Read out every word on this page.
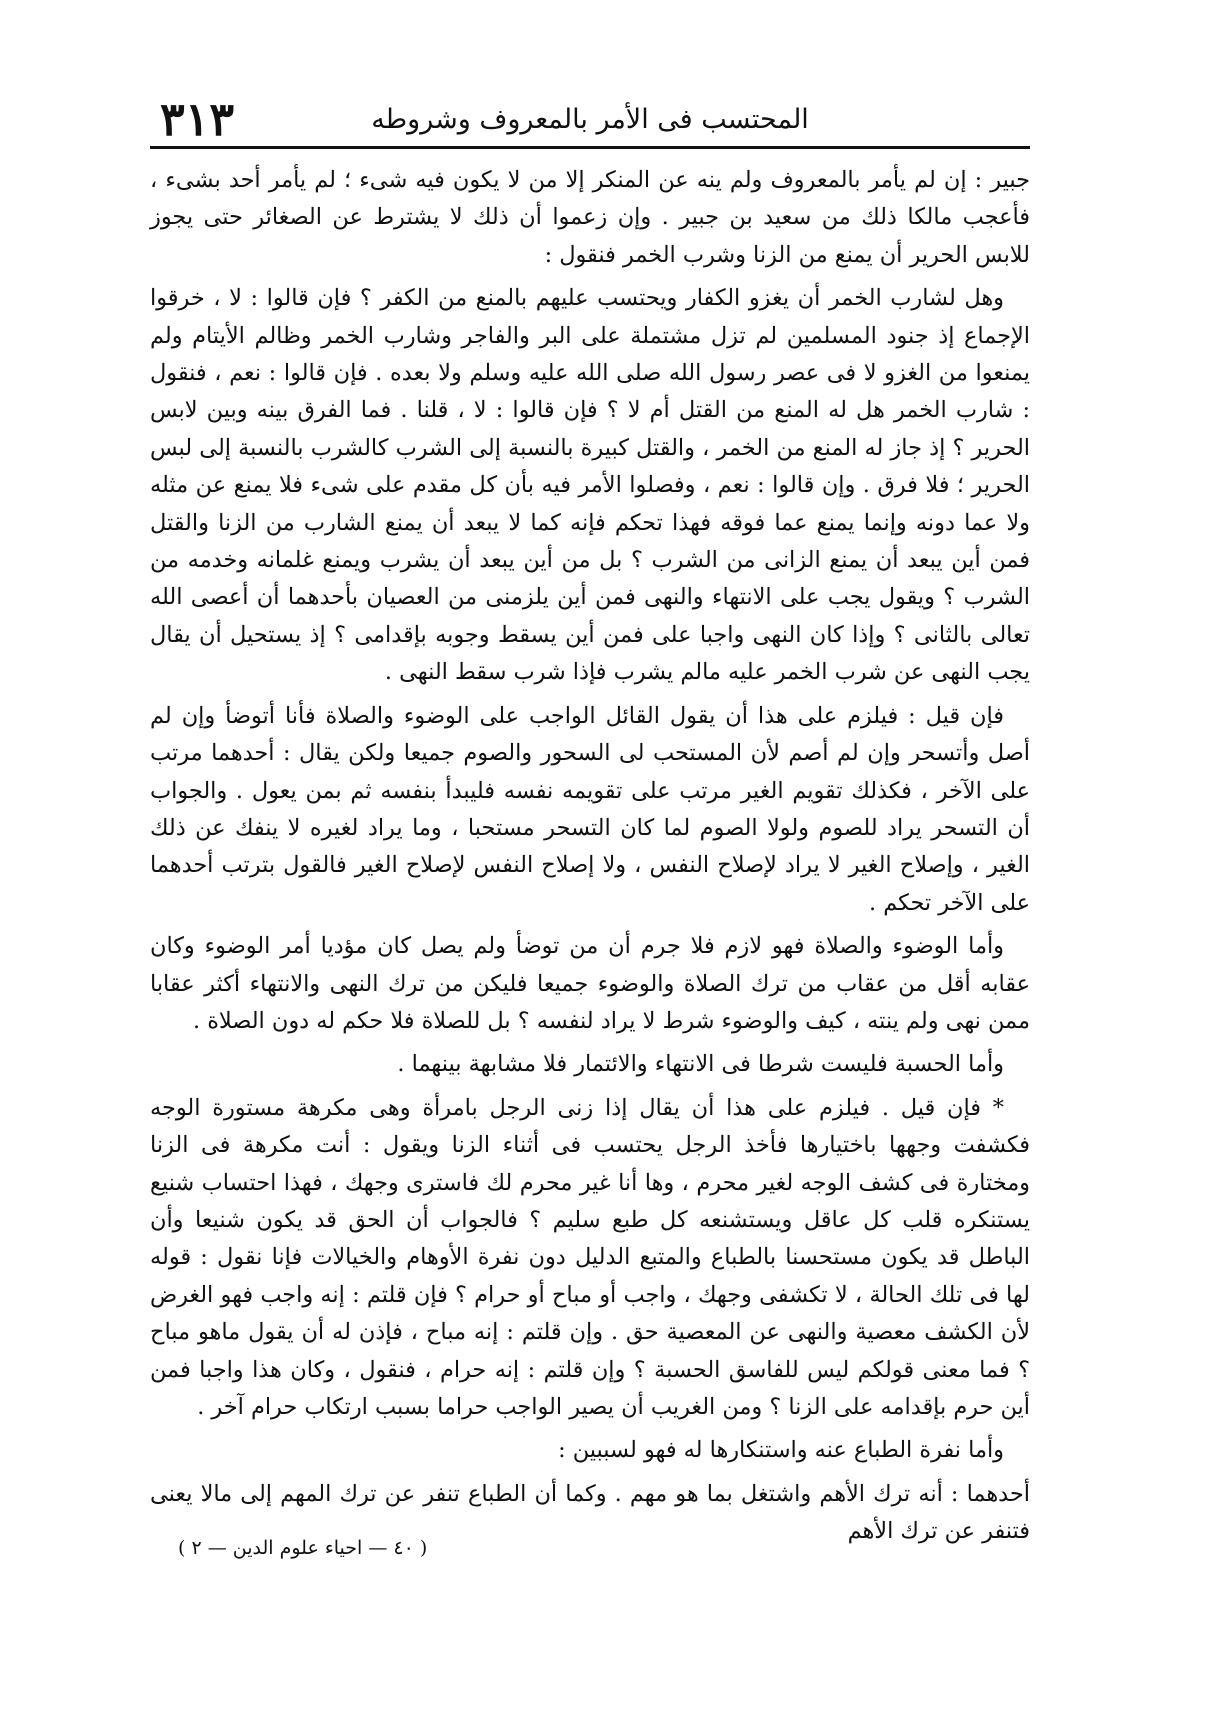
٣١٣	المحتسب فى الأمر بالمعروف وشروطه

جبير : إن لم يأمر بالمعروف ولم ينه عن المنكر إلا من لا يكون فيه شىء ؛ لم يأمر أحد بشىء ، فأعجب مالكا ذلك من سعيد بن جبير . وإن زعموا أن ذلك لا يشترط عن الصغائر حتى يجوز للابس الحرير أن يمنع من الزنا وشرب الخمر فنقول :

وهل لشارب الخمر أن يغزو الكفار ويحتسب عليهم بالمنع من الكفر ؟ فإن قالوا : لا ، خرقوا الإجماع إذ جنود المسلمين لم تزل مشتملة على البر والفاجر وشارب الخمر وظالم الأيتام ولم يمنعوا من الغزو لا فى عصر رسول الله صلى الله عليه وسلم ولا بعده . فإن قالوا : نعم ، فنقول : شارب الخمر هل له المنع من القتل أم لا ؟ فإن قالوا : لا ، قلنا . فما الفرق بينه وبين لابس الحرير ؟ إذ جاز له المنع من الخمر ، والقتل كبيرة بالنسبة إلى الشرب كالشرب بالنسبة إلى لبس الحرير ؛ فلا فرق . وإن قالوا : نعم ، وفصلوا الأمر فيه بأن كل مقدم على شىء فلا يمنع عن مثله ولا عما دونه وإنما يمنع عما فوقه فهذا تحكم فإنه كما لا يبعد أن يمنع الشارب من الزنا والقتل فمن أين يبعد أن يمنع الزانى من الشرب ؟ بل من أين يبعد أن يشرب ويمنع غلمانه وخدمه من الشرب ؟ ويقول يجب على الانتهاء والنهى فمن أين يلزمنى من العصيان بأحدهما أن أعصى الله تعالى بالثانى ؟ وإذا كان النهى واجبا على فمن أين يسقط وجوبه بإقدامى ؟ إذ يستحيل أن يقال يجب النهى عن شرب الخمر عليه مالم يشرب فإذا شرب سقط النهى .

فإن قيل : فيلزم على هذا أن يقول القائل الواجب على الوضوء والصلاة فأنا أتوضأ وإن لم أصل وأتسحر وإن لم أصم لأن المستحب لى السحور والصوم جميعا ولكن يقال : أحدهما مرتب على الآخر ، فكذلك تقويم الغير مرتب على تقويمه نفسه فليبدأ بنفسه ثم بمن يعول . والجواب أن التسحر يراد للصوم ولولا الصوم لما كان التسحر مستحبا ، وما يراد لغيره لا ينفك عن ذلك الغير ، وإصلاح الغير لا يراد لإصلاح النفس ، ولا إصلاح النفس لإصلاح الغير فالقول بترتب أحدهما على الآخر تحكم .

وأما الوضوء والصلاة فهو لازم فلا جرم أن من توضأ ولم يصل كان مؤديا أمر الوضوء وكان عقابه أقل من عقاب من ترك الصلاة والوضوء جميعا فليكن من ترك النهى والانتهاء أكثر عقابا ممن نهى ولم ينته ، كيف والوضوء شرط لا يراد لنفسه ؟ بل للصلاة فلا حكم له دون الصلاة .

وأما الحسبة فليست شرطا فى الانتهاء والائتمار فلا مشابهة بينهما .

* فإن قيل . فيلزم على هذا أن يقال إذا زنى الرجل بامرأة وهى مكرهة مستورة الوجه فكشفت وجهها باختيارها فأخذ الرجل يحتسب فى أثناء الزنا ويقول : أنت مكرهة فى الزنا ومختارة فى كشف الوجه لغير محرم ، وها أنا غير محرم لك فاسترى وجهك ، فهذا احتساب شنيع يستنكره قلب كل عاقل ويستشنعه كل طبع سليم ؟ فالجواب أن الحق قد يكون شنيعا وأن الباطل قد يكون مستحسنا بالطباع والمتبع الدليل دون نفرة الأوهام والخيالات فإنا نقول : قوله لها فى تلك الحالة ، لا تكشفى وجهك ، واجب أو مباح أو حرام ؟ فإن قلتم : إنه واجب فهو الغرض لأن الكشف معصية والنهى عن المعصية حق . وإن قلتم : إنه مباح ، فإذن له أن يقول ماهو مباح ؟ فما معنى قولكم ليس للفاسق الحسبة ؟ وإن قلتم : إنه حرام ، فنقول ، وكان هذا واجبا فمن أين حرم بإقدامه على الزنا ؟ ومن الغريب أن يصير الواجب حراما بسبب ارتكاب حرام آخر .

وأما نفرة الطباع عنه واستنكارها له فهو لسببين :

أحدهما : أنه ترك الأهم واشتغل بما هو مهم . وكما أن الطباع تنفر عن ترك المهم إلى مالا يعنى فتنفر عن ترك الأهم

( ٤٠ — احياء علوم الدين — ٢ )
